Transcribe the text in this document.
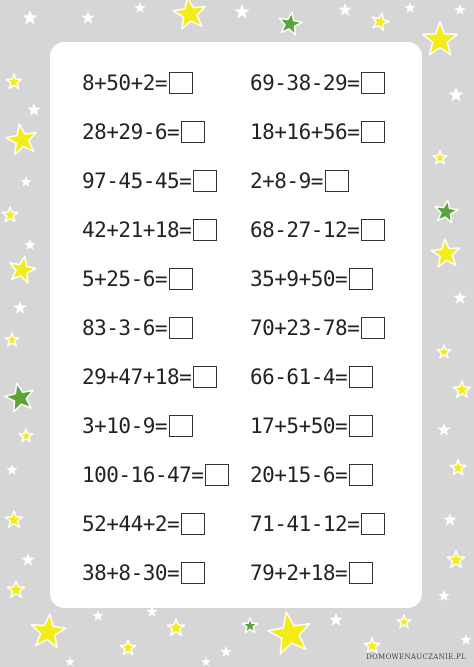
8+50+2=
28+29-6=
97-45-45=
42+21+18=
5+25-6=
83-3-6=
29+47+18=
3+10-9=
100-16-47=
52+44+2=
38+8-30=
69-38-29=
18+16+56=
2+8-9=
68-27-12=
35+9+50=
70+23-78=
66-61-4=
17+5+50=
20+15-6=
71-41-12=
79+2+18=
DOMOWENAUCZANIE.PL
